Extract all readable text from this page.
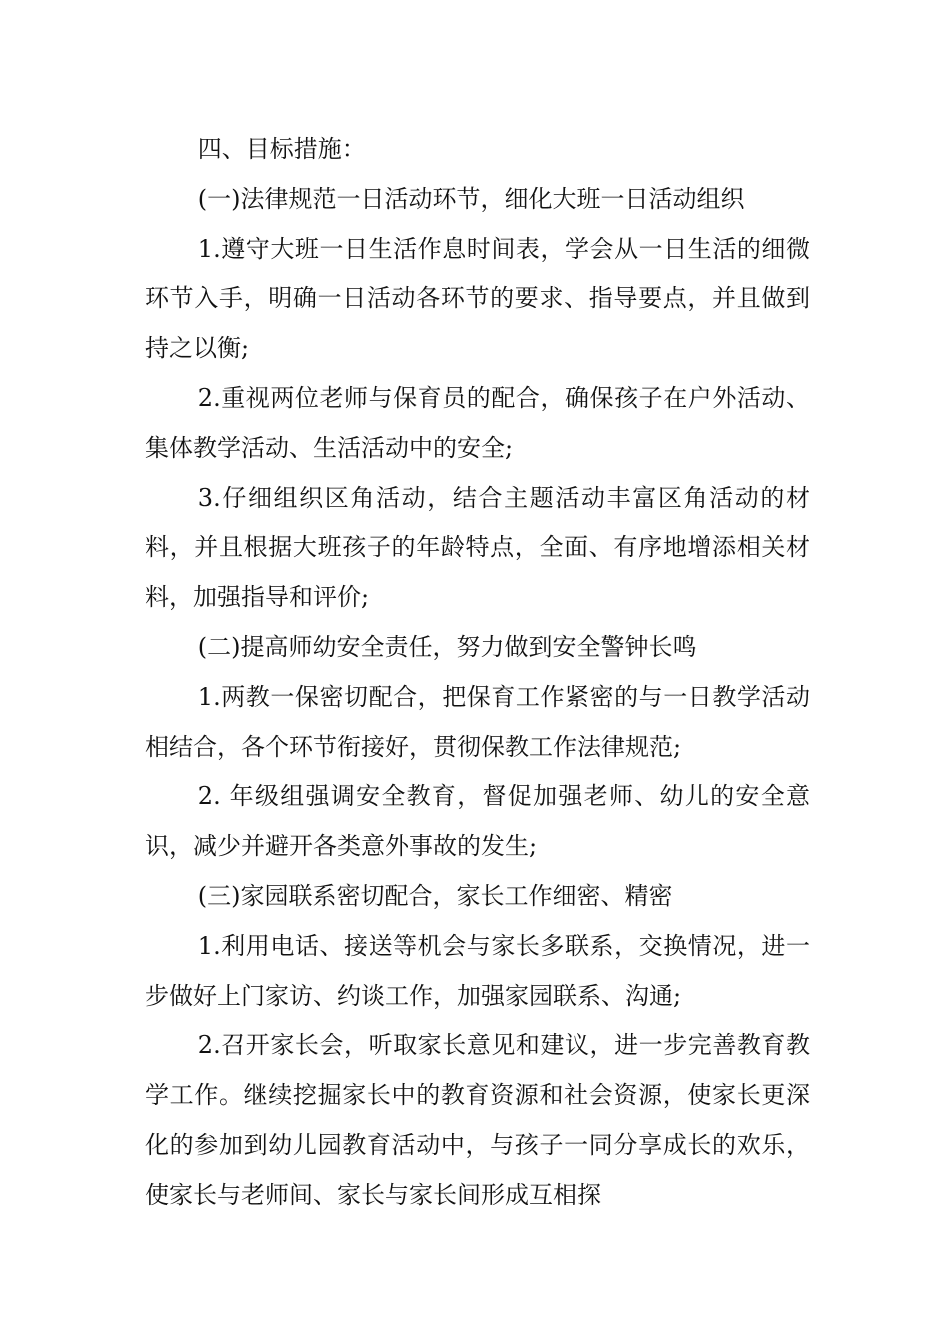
四、目标措施：

(一)法律规范一日活动环节，细化大班一日活动组织

1.遵守大班一日生活作息时间表，学会从一日生活的细微环节入手，明确一日活动各环节的要求、指导要点，并且做到持之以衡;

2.重视两位老师与保育员的配合，确保孩子在户外活动、集体教学活动、生活活动中的安全;

3.仔细组织区角活动，结合主题活动丰富区角活动的材料，并且根据大班孩子的年龄特点，全面、有序地增添相关材料，加强指导和评价;

(二)提高师幼安全责任，努力做到安全警钟长鸣

1.两教一保密切配合，把保育工作紧密的与一日教学活动相结合，各个环节衔接好，贯彻保教工作法律规范;

2. 年级组强调安全教育，督促加强老师、幼儿的安全意识，减少并避开各类意外事故的发生;

(三)家园联系密切配合，家长工作细密、精密

1.利用电话、接送等机会与家长多联系，交换情况，进一步做好上门家访、约谈工作，加强家园联系、沟通;

2.召开家长会，听取家长意见和建议，进一步完善教育教学工作。继续挖掘家长中的教育资源和社会资源，使家长更深化的参加到幼儿园教育活动中，与孩子一同分享成长的欢乐，使家长与老师间、家长与家长间形成互相探
